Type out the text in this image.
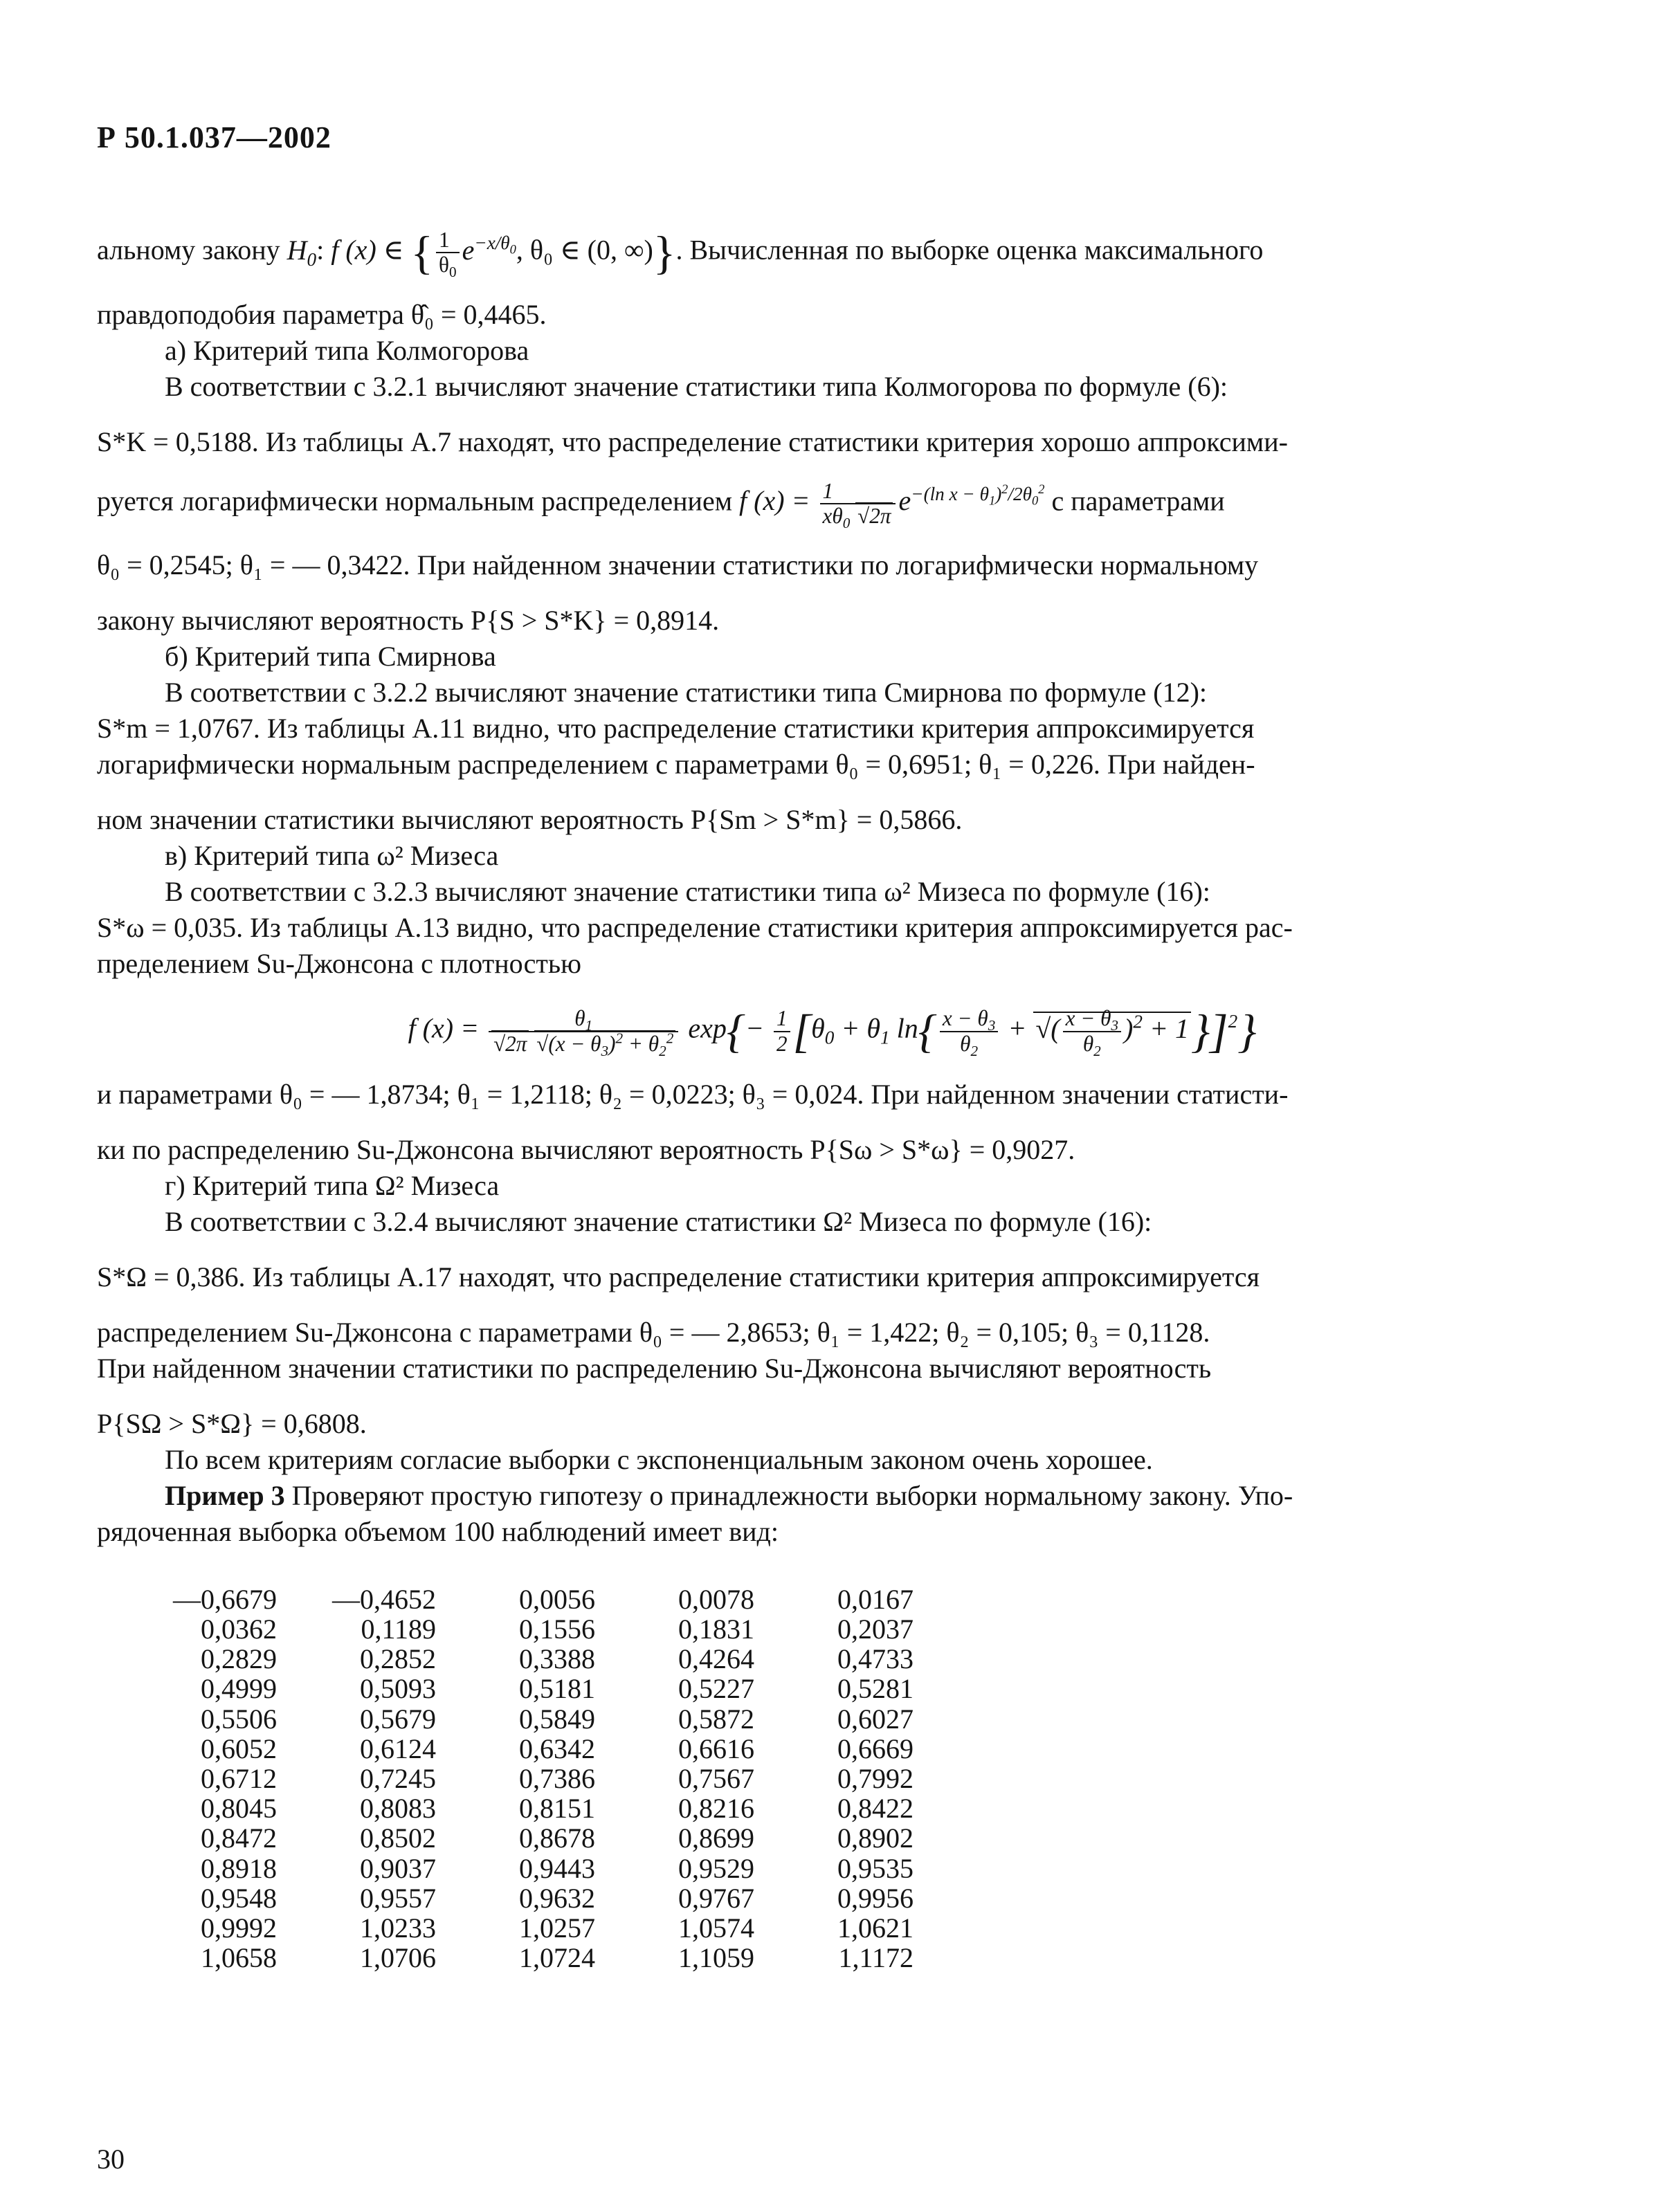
Р 50.1.037—2002

альному закону $H_0$: f (x) ∈ { $\frac{1}{\theta_0} e^{-x/\theta_0}$, θ₀ ∈ (0, ∞)}. Вычисленная по выборке оценка максимального

правдоподобия параметра θ̂₀ = 0,4465.

а) Критерий типа Колмогорова

В соответствии с 3.2.1 вычисляют значение статистики типа Колмогорова по формуле (6):

S*K = 0,5188. Из таблицы А.7 находят, что распределение статистики критерия хорошо аппроксими-

руется логарифмически нормальным распределением f $(x) = \frac{1}{x\theta_0 √2\pi} e^{-(ln x - \theta_1)^2/2\theta_0^2}$ с параметрами

θ₀ = 0,2545; θ₁ = — 0,3422. При найденном значении статистики по логарифмически нормальному

закону вычисляют вероятность P{S > S*K} = 0,8914.

б) Критерий типа Смирнова

В соответствии с 3.2.2 вычисляют значение статистики типа Смирнова по формуле (12):

S*m = 1,0767. Из таблицы А.11 видно, что распределение статистики критерия аппроксимируется

логарифмически нормальным распределением с параметрами θ₀ = 0,6951; θ₁ = 0,226. При найден-

ном значении статистики вычисляют вероятность P{Sm > S*m} = 0,5866.

в) Критерий типа ω² Мизеса

В соответствии с 3.2.3 вычисляют значение статистики типа ω² Мизеса по формуле (16):

S*ω = 0,035. Из таблицы А.13 видно, что распределение статистики критерия аппроксимируется рас-

пределением Su-Джонсона с плотностью

f $(x) = \frac{\theta_1}{√2\pi √(x - \theta_3)^2 + \theta_2^2} \exp\{- \frac{1}{2} [\theta_0 + \theta_1$ $\ln\{ \frac{x - \theta_3}{\theta_2}$ + √( $\frac{x - \theta_3}{\theta_2} )^2 + 1\}]^2$}

и параметрами θ₀ = — 1,8734; θ₁ = 1,2118; θ₂ = 0,0223; θ₃ = 0,024. При найденном значении статисти-

ки по распределению Su-Джонсона вычисляют вероятность P{Sω > S*ω} = 0,9027.

г) Критерий типа Ω² Мизеса

В соответствии с 3.2.4 вычисляют значение статистики Ω² Мизеса по формуле (16):

S*Ω = 0,386. Из таблицы А.17 находят, что распределение статистики критерия аппроксимируется

распределением Su-Джонсона с параметрами θ₀ = — 2,8653; θ₁ = 1,422; θ₂ = 0,105; θ₃ = 0,1128.

При найденном значении статистики по распределению Su-Джонсона вычисляют вероятность

P{SΩ > S*Ω} = 0,6808.

По всем критериям согласие выборки с экспоненциальным законом очень хорошее.

Пример 3 Проверяют простую гипотезу о принадлежности выборки нормальному закону. Упо-

рядоченная выборка объемом 100 наблюдений имеет вид:

—0,6679	—0,4652	0,0056	0,0078	0,0167
0,0362	0,1189	0,1556	0,1831	0,2037
0,2829	0,2852	0,3388	0,4264	0,4733
0,4999	0,5093	0,5181	0,5227	0,5281
0,5506	0,5679	0,5849	0,5872	0,6027
0,6052	0,6124	0,6342	0,6616	0,6669
0,6712	0,7245	0,7386	0,7567	0,7992
0,8045	0,8083	0,8151	0,8216	0,8422
0,8472	0,8502	0,8678	0,8699	0,8902
0,8918	0,9037	0,9443	0,9529	0,9535
0,9548	0,9557	0,9632	0,9767	0,9956
0,9992	1,0233	1,0257	1,0574	1,0621
1,0658	1,0706	1,0724	1,1059	1,1172
30
